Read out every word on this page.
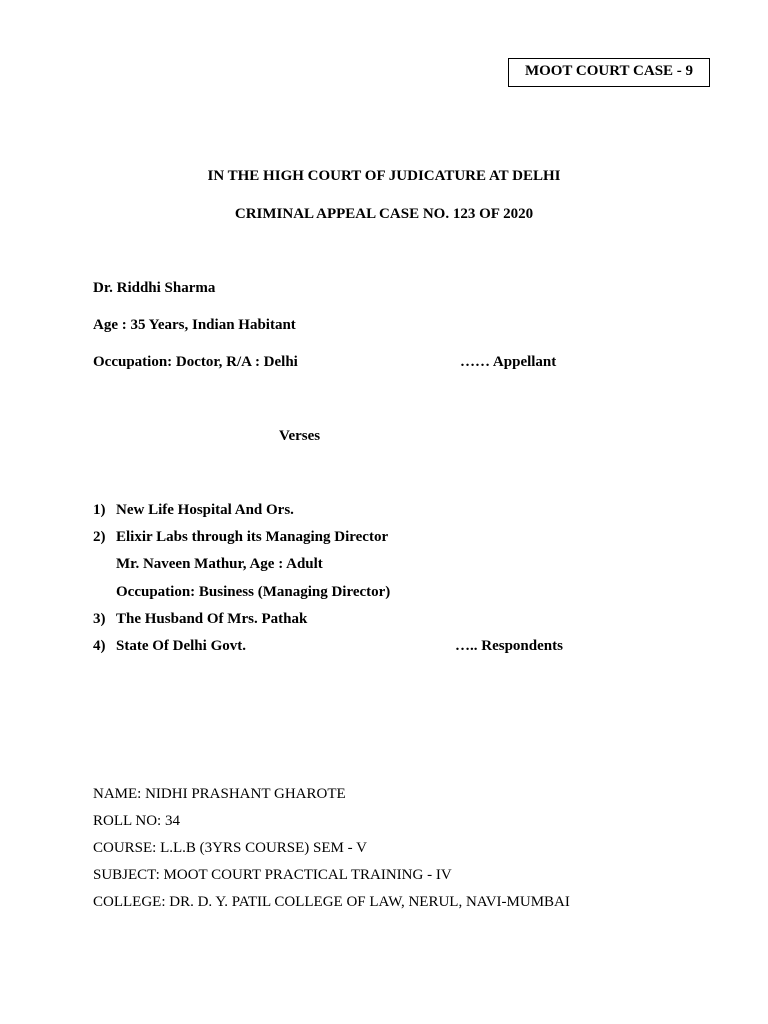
MOOT COURT CASE - 9
IN THE HIGH COURT OF JUDICATURE AT DELHI
CRIMINAL APPEAL CASE NO. 123 OF 2020
Dr. Riddhi Sharma
Age : 35 Years, Indian Habitant
Occupation: Doctor, R/A : Delhi	…… Appellant
Verses
1) New Life Hospital And Ors.
2) Elixir Labs through its Managing Director
Mr. Naveen Mathur, Age : Adult
Occupation: Business (Managing Director)
3) The Husband Of Mrs. Pathak
4) State Of Delhi Govt.	….. Respondents
NAME: NIDHI PRASHANT GHAROTE
ROLL NO: 34
COURSE: L.L.B (3YRS COURSE) SEM - V
SUBJECT: MOOT COURT PRACTICAL TRAINING - IV
COLLEGE: DR. D. Y. PATIL COLLEGE OF LAW, NERUL, NAVI-MUMBAI
